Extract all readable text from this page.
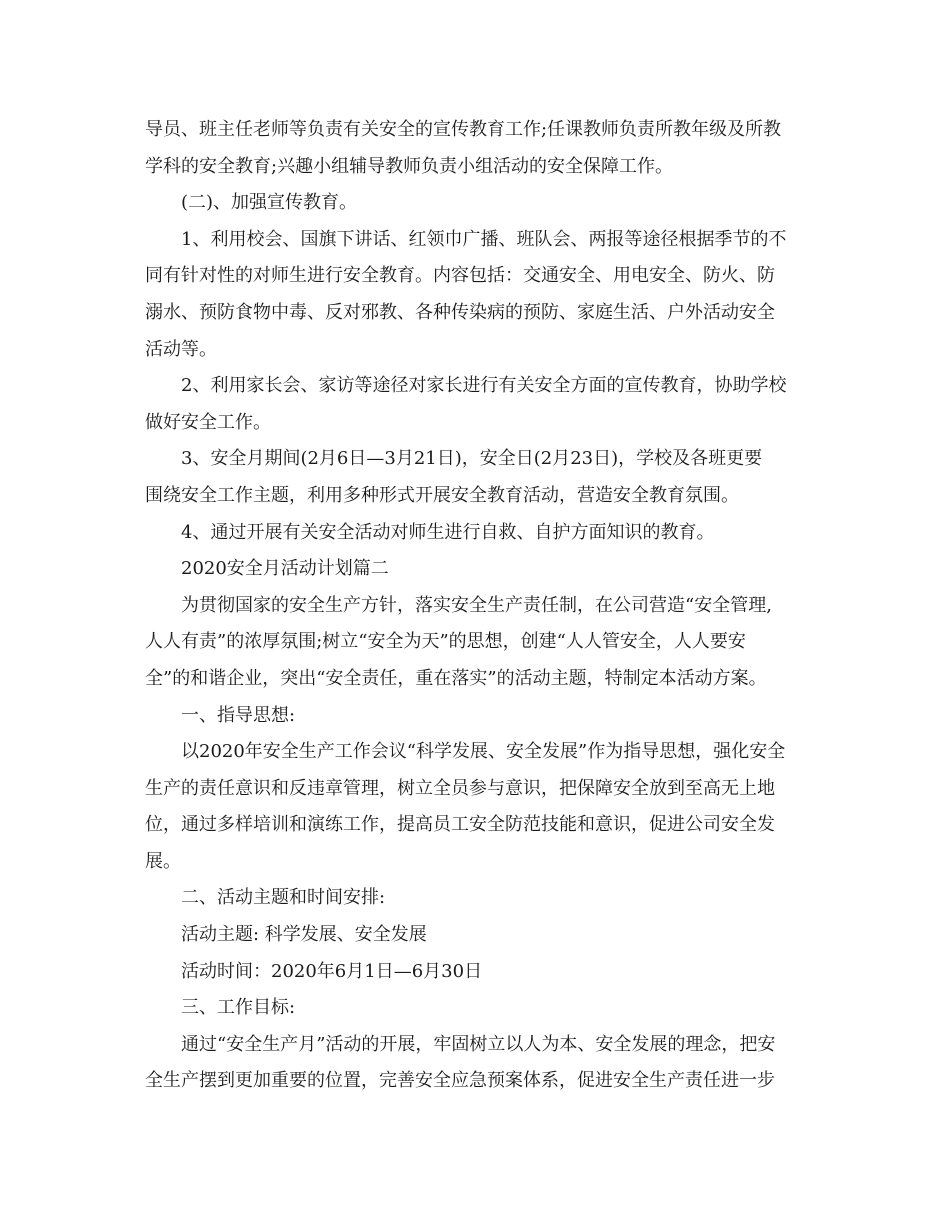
导员、班主任老师等负责有关安全的宣传教育工作;任课教师负责所教年级及所教
学科的安全教育;兴趣小组辅导教师负责小组活动的安全保障工作。
(二)、加强宣传教育。
1、利用校会、国旗下讲话、红领巾广播、班队会、两报等途径根据季节的不
同有针对性的对师生进行安全教育。内容包括：交通安全、用电安全、防火、防
溺水、预防食物中毒、反对邪教、各种传染病的预防、家庭生活、户外活动安全
活动等。
2、利用家长会、家访等途径对家长进行有关安全方面的宣传教育，协助学校
做好安全工作。
3、安全月期间(2月6日—3月21日)，安全日(2月23日)，学校及各班更要
围绕安全工作主题，利用多种形式开展安全教育活动，营造安全教育氛围。
4、通过开展有关安全活动对师生进行自救、自护方面知识的教育。
2020安全月活动计划篇二
为贯彻国家的安全生产方针，落实安全生产责任制，在公司营造“安全管理,
人人有责”的浓厚氛围;树立“安全为天”的思想，创建“人人管安全，人人要安
全”的和谐企业，突出“安全责任，重在落实”的活动主题，特制定本活动方案。
一、指导思想:
以2020年安全生产工作会议“科学发展、安全发展”作为指导思想，强化安全
生产的责任意识和反违章管理，树立全员参与意识，把保障安全放到至高无上地
位，通过多样培训和演练工作，提高员工安全防范技能和意识，促进公司安全发
展。
二、活动主题和时间安排:
活动主题: 科学发展、安全发展
活动时间：2020年6月1日—6月30日
三、工作目标:
通过“安全生产月”活动的开展，牢固树立以人为本、安全发展的理念，把安
全生产摆到更加重要的位置，完善安全应急预案体系，促进安全生产责任进一步
